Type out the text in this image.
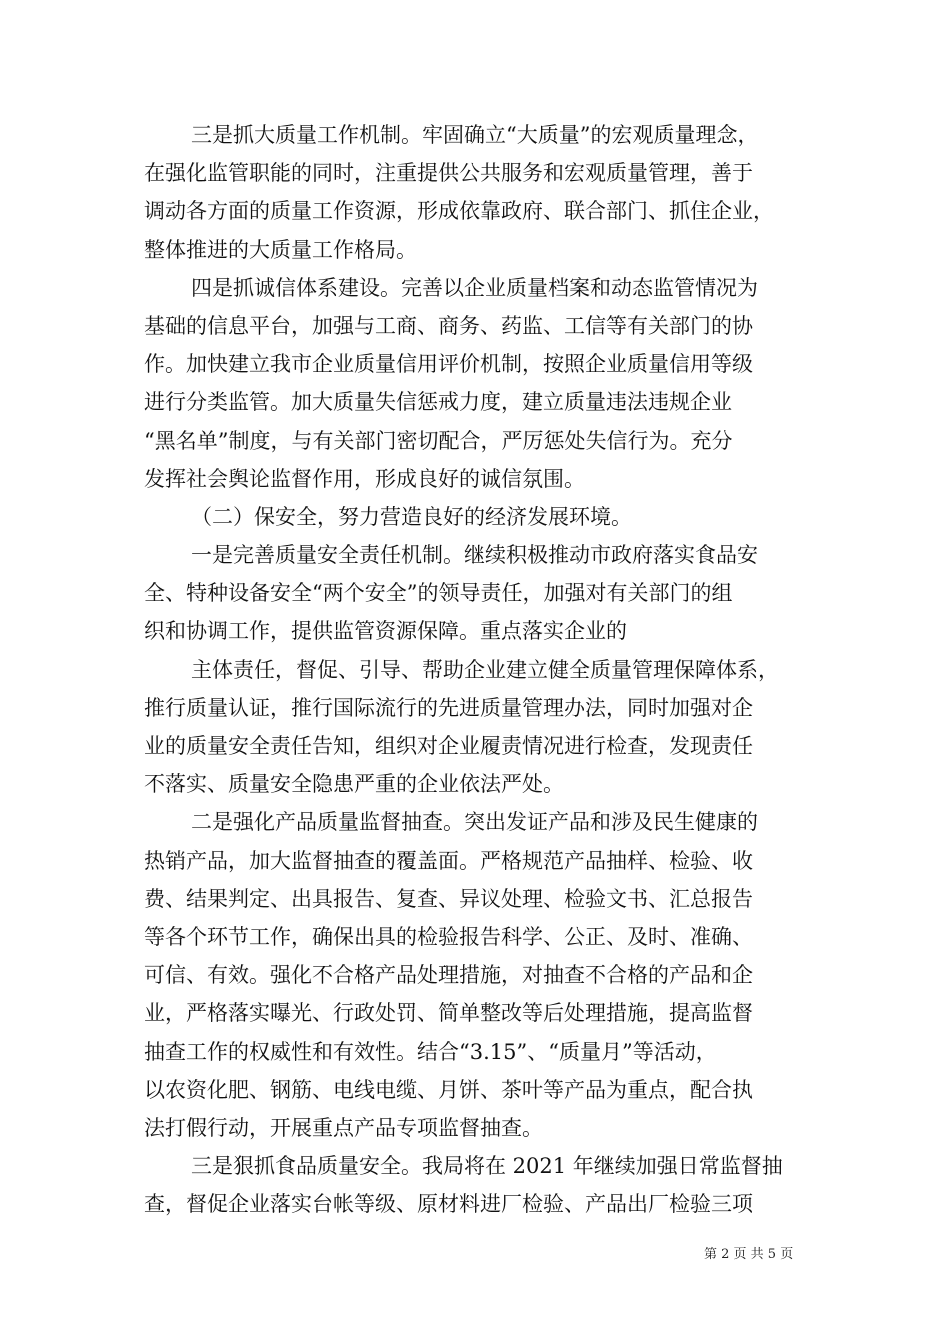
三是抓大质量工作机制。牢固确立“大质量”的宏观质量理念，
在强化监管职能的同时，注重提供公共服务和宏观质量管理，善于
调动各方面的质量工作资源，形成依靠政府、联合部门、抓住企业，
整体推进的大质量工作格局。
四是抓诚信体系建设。完善以企业质量档案和动态监管情况为
基础的信息平台，加强与工商、商务、药监、工信等有关部门的协
作。加快建立我市企业质量信用评价机制，按照企业质量信用等级
进行分类监管。加大质量失信惩戒力度，建立质量违法违规企业
“黑名单”制度，与有关部门密切配合，严厉惩处失信行为。充分
发挥社会舆论监督作用，形成良好的诚信氛围。
（二）保安全，努力营造良好的经济发展环境。
一是完善质量安全责任机制。继续积极推动市政府落实食品安
全、特种设备安全“两个安全”的领导责任，加强对有关部门的组
织和协调工作，提供监管资源保障。重点落实企业的
主体责任，督促、引导、帮助企业建立健全质量管理保障体系，
推行质量认证，推行国际流行的先进质量管理办法，同时加强对企
业的质量安全责任告知，组织对企业履责情况进行检查，发现责任
不落实、质量安全隐患严重的企业依法严处。
二是强化产品质量监督抽查。突出发证产品和涉及民生健康的
热销产品，加大监督抽查的覆盖面。严格规范产品抽样、检验、收
费、结果判定、出具报告、复查、异议处理、检验文书、汇总报告
等各个环节工作，确保出具的检验报告科学、公正、及时、准确、
可信、有效。强化不合格产品处理措施，对抽查不合格的产品和企
业，严格落实曝光、行政处罚、简单整改等后处理措施，提高监督
抽查工作的权威性和有效性。结合“3.15”、“质量月”等活动，
以农资化肥、钢筋、电线电缆、月饼、茶叶等产品为重点，配合执
法打假行动，开展重点产品专项监督抽查。
三是狠抓食品质量安全。我局将在 2021 年继续加强日常监督抽
查，督促企业落实台帐等级、原材料进厂检验、产品出厂检验三项
第 2 页 共 5 页
